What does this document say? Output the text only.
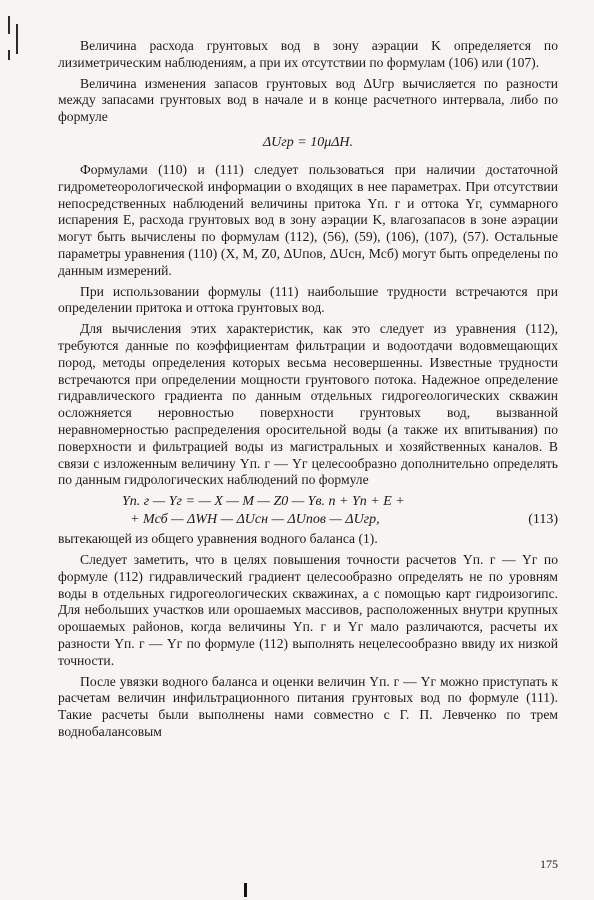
Величина расхода грунтовых вод в зону аэрации K определяется по лизиметрическим наблюдениям, а при их отсутствии по формулам (106) или (107).

Величина изменения запасов грунтовых вод ΔUгр вычисляется по разности между запасами грунтовых вод в начале и в конце расчетного интервала, либо по формуле

ΔUгр = 10μΔH.

Формулами (110) и (111) следует пользоваться при наличии достаточной гидрометеорологической информации о входящих в нее параметрах. При отсутствии непосредственных наблюдений величины притока Yп. г и оттока Yг, суммарного испарения E, расхода грунтовых вод в зону аэрации K, влагозапасов в зоне аэрации могут быть вычислены по формулам (112), (56), (59), (106), (107), (57). Остальные параметры уравнения (110) (X, M, Z0, ΔUпов, ΔUсн, Mсб) могут быть определены по данным измерений.

При использовании формулы (111) наибольшие трудности встречаются при определении притока и оттока грунтовых вод.

Для вычисления этих характеристик, как это следует из уравнения (112), требуются данные по коэффициентам фильтрации и водоотдачи водовмещающих пород, методы определения которых весьма несовершенны. Известные трудности встречаются при определении мощности грунтового потока. Надежное определение гидравлического градиента по данным отдельных гидрогеологических скважин осложняется неровностью поверхности грунтовых вод, вызванной неравномерностью распределения оросительной воды (а также их впитывания) по поверхности и фильтрацией воды из магистральных и хозяйственных каналов. В связи с изложенным величину Yп. г — Yг целесообразно дополнительно определять по данным гидрологических наблюдений по формуле

Yп. г — Yг = — X — M — Z0 — Yв. п + Yп + E +
+ Mсб — ΔWH — ΔUсн — ΔUпов — ΔUгр,	(113)

вытекающей из общего уравнения водного баланса (1).

Следует заметить, что в целях повышения точности расчетов Yп. г — Yг по формуле (112) гидравлический градиент целесообразно определять не по уровням воды в отдельных гидрогеологических скважинах, а с помощью карт гидроизогипс. Для небольших участков или орошаемых массивов, расположенных внутри крупных орошаемых районов, когда величины Yп. г и Yг мало различаются, расчеты их разности Yп. г — Yг по формуле (112) выполнять нецелесообразно ввиду их низкой точности.

После увязки водного баланса и оценки величин Yп. г — Yг можно приступать к расчетам величин инфильтрационного питания грунтовых вод по формуле (111). Такие расчеты были выполнены нами совместно с Г. П. Левченко по трем воднобалансовым

175
